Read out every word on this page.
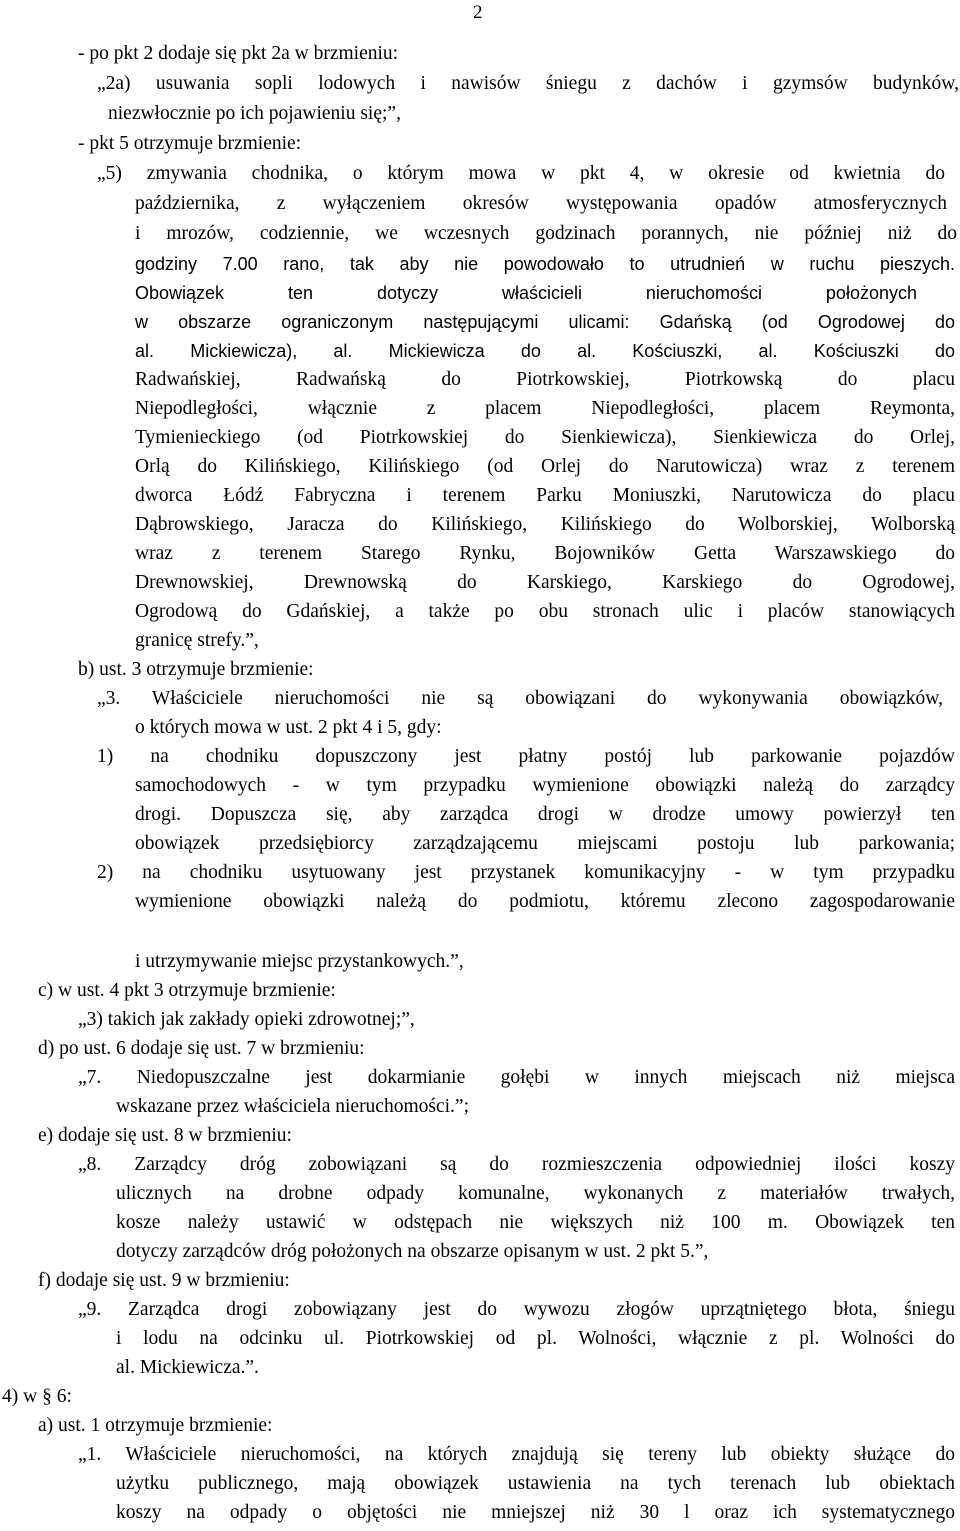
2
- po pkt 2 dodaje się pkt 2a w brzmieniu:
„2a) usuwania sopli lodowych i nawisów śniegu z dachów i gzymsów budynków,
niezwłocznie po ich pojawieniu się;”,
- pkt 5 otrzymuje brzmienie:
„5) zmywania chodnika, o którym mowa w pkt 4, w okresie od kwietnia do
października, z wyłączeniem okresów występowania opadów atmosferycznych
i mrozów, codziennie, we wczesnych godzinach porannych, nie później niż do
godziny 7.00 rano, tak aby nie powodowało to utrudnień w ruchu pieszych.
Obowiązek ten dotyczy właścicieli nieruchomości położonych
w obszarze ograniczonym następującymi ulicami: Gdańską (od Ogrodowej do
al. Mickiewicza), al. Mickiewicza do al. Kościuszki, al. Kościuszki do
Radwańskiej, Radwańską do Piotrkowskiej, Piotrkowską do placu
Niepodległości, włącznie z placem Niepodległości, placem Reymonta,
Tymienieckiego (od Piotrkowskiej do Sienkiewicza), Sienkiewicza do Orlej,
Orlą do Kilińskiego, Kilińskiego (od Orlej do Narutowicza) wraz z terenem
dworca Łódź Fabryczna i terenem Parku Moniuszki, Narutowicza do placu
Dąbrowskiego, Jaracza do Kilińskiego, Kilińskiego do Wolborskiej, Wolborską
wraz z terenem Starego Rynku, Bojowników Getta Warszawskiego do
Drewnowskiej, Drewnowską do Karskiego, Karskiego do Ogrodowej,
Ogrodową do Gdańskiej, a także po obu stronach ulic i placów stanowiących
granicę strefy.”,
b) ust. 3 otrzymuje brzmienie:
„3. Właściciele nieruchomości nie są obowiązani do wykonywania obowiązków,
o których mowa w ust. 2 pkt 4 i 5, gdy:
1) na chodniku dopuszczony jest płatny postój lub parkowanie pojazdów
samochodowych - w tym przypadku wymienione obowiązki należą do zarządcy
drogi. Dopuszcza się, aby zarządca drogi w drodze umowy powierzył ten
obowiązek przedsiębiorcy zarządzającemu miejscami postoju lub parkowania;
2) na chodniku usytuowany jest przystanek komunikacyjny - w tym przypadku
wymienione obowiązki należą do podmiotu, któremu zlecono zagospodarowanie
i utrzymywanie miejsc przystankowych.”,
c) w ust. 4 pkt 3 otrzymuje brzmienie:
„3) takich jak zakłady opieki zdrowotnej;”,
d) po ust. 6 dodaje się ust. 7 w brzmieniu:
„7. Niedopuszczalne jest dokarmianie gołębi w innych miejscach niż miejsca
wskazane przez właściciela nieruchomości.”;
e) dodaje się ust. 8 w brzmieniu:
„8. Zarządcy dróg zobowiązani są do rozmieszczenia odpowiedniej ilości koszy
ulicznych na drobne odpady komunalne, wykonanych z materiałów trwałych,
kosze należy ustawić w odstępach nie większych niż 100 m. Obowiązek ten
dotyczy zarządców dróg położonych na obszarze opisanym w ust. 2 pkt 5.”,
f) dodaje się ust. 9 w brzmieniu:
„9. Zarządca drogi zobowiązany jest do wywozu złogów uprzątniętego błota, śniegu
i lodu na odcinku ul. Piotrkowskiej od pl. Wolności, włącznie z pl. Wolności do
al. Mickiewicza.”.
4) w § 6:
a) ust. 1 otrzymuje brzmienie:
„1. Właściciele nieruchomości, na których znajdują się tereny lub obiekty służące do
użytku publicznego, mają obowiązek ustawienia na tych terenach lub obiektach
koszy na odpady o objętości nie mniejszej niż 30 l oraz ich systematycznego
